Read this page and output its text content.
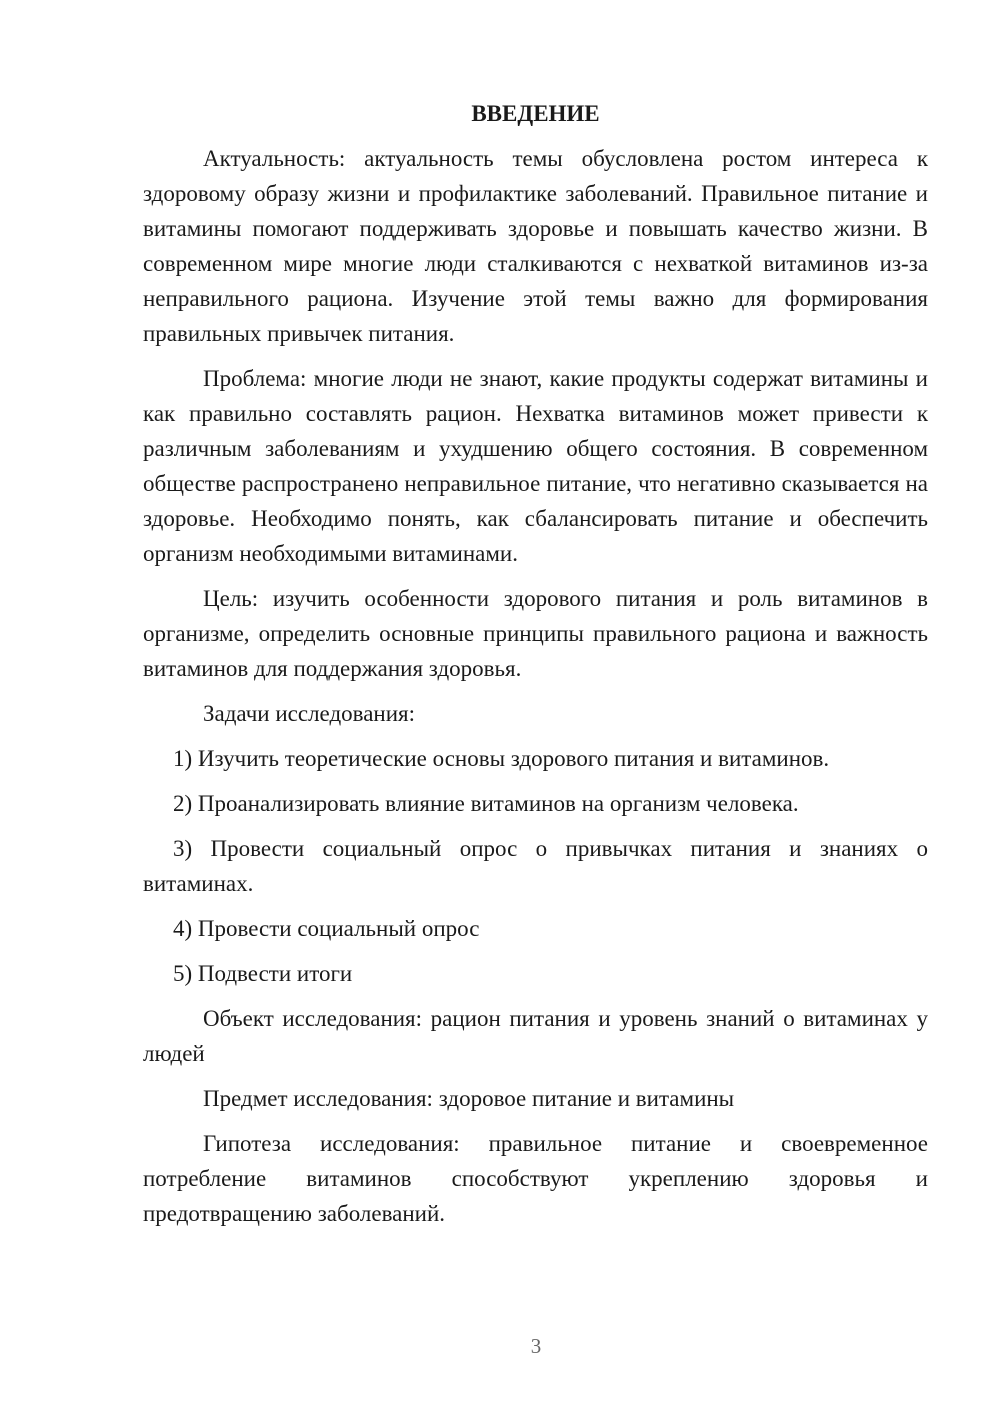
ВВЕДЕНИЕ

Актуальность: актуальность темы обусловлена ростом интереса к здоровому образу жизни и профилактике заболеваний. Правильное питание и витамины помогают поддерживать здоровье и повышать качество жизни. В современном мире многие люди сталкиваются с нехваткой витаминов из-за неправильного рациона. Изучение этой темы важно для формирования правильных привычек питания.

Проблема: многие люди не знают, какие продукты содержат витамины и как правильно составлять рацион. Нехватка витаминов может привести к различным заболеваниям и ухудшению общего состояния. В современном обществе распространено неправильное питание, что негативно сказывается на здоровье. Необходимо понять, как сбалансировать питание и обеспечить организм необходимыми витаминами.

Цель: изучить особенности здорового питания и роль витаминов в организме, определить основные принципы правильного рациона и важность витаминов для поддержания здоровья.

Задачи исследования:

1) Изучить теоретические основы здорового питания и витаминов.

2) Проанализировать влияние витаминов на организм человека.

3) Провести социальный опрос о привычках питания и знаниях о витаминах.

4) Провести социальный опрос

5) Подвести итоги

Объект исследования: рацион питания и уровень знаний о витаминах у людей

Предмет исследования: здоровое питание и витамины

Гипотеза исследования: правильное питание и своевременное потребление витаминов способствуют укреплению здоровья и предотвращению заболеваний.

3
